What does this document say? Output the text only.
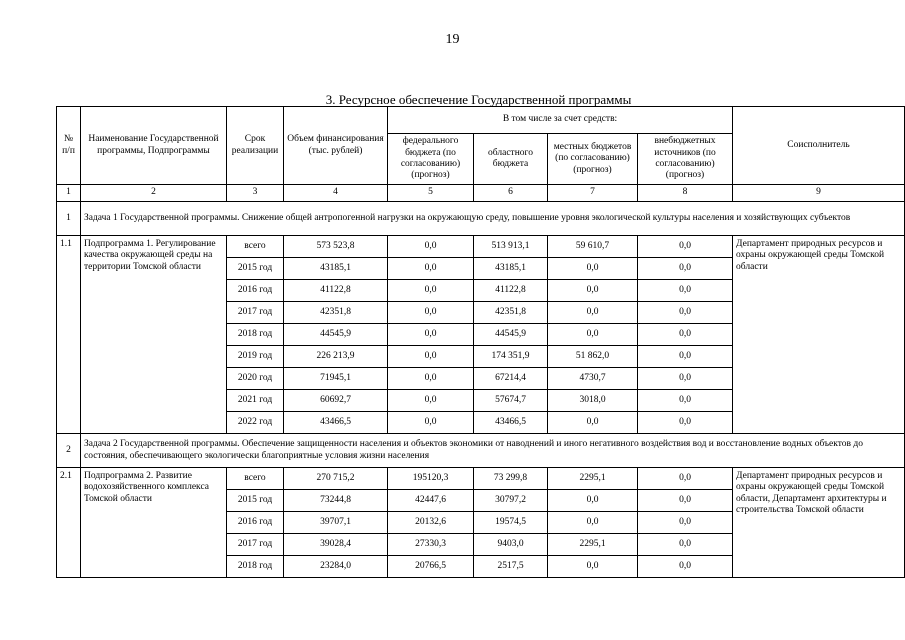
19
3. Ресурсное обеспечение Государственной программы
№ п/п	Наименование Государственной программы, Подпрограммы	Срок реализации	Объем финансирования (тыс. рублей)	В том числе за счет средств:				Соисполнитель
				федерального бюджета (по согласованию) (прогноз)	областного бюджета	местных бюджетов (по согласованию) (прогноз)	внебюджетных источников (по согласованию) (прогноз)	
1	2	3	4	5	6	7	8	9
1	Задача 1 Государственной программы. Снижение общей антропогенной нагрузки на окружающую среду, повышение уровня экологической культуры населения и хозяйствующих субъектов							
1.1	Подпрограмма 1. Регулирование качества окружающей среды на территории Томской области	всего	573 523,8	0,0	513 913,1	59 610,7	0,0	Департамент природных ресурсов и охраны окружающей среды Томской области
		2015 год	43185,1	0,0	43185,1	0,0	0,0	
		2016 год	41122,8	0,0	41122,8	0,0	0,0	
		2017 год	42351,8	0,0	42351,8	0,0	0,0	
		2018 год	44545,9	0,0	44545,9	0,0	0,0	
		2019 год	226 213,9	0,0	174 351,9	51 862,0	0,0	
		2020 год	71945,1	0,0	67214,4	4730,7	0,0	
		2021 год	60692,7	0,0	57674,7	3018,0	0,0	
		2022 год	43466,5	0,0	43466,5	0,0	0,0	
2	Задача 2 Государственной программы. Обеспечение защищенности населения и объектов экономики от наводнений и иного негативного воздействия вод и восстановление водных объектов до состояния, обеспечивающего экологически благоприятные условия жизни населения							
2.1	Подпрограмма 2. Развитие водохозяйственного комплекса Томской области	всего	270 715,2	195120,3	73 299,8	2295,1	0,0	Департамент природных ресурсов и охраны окружающей среды Томской области, Департамент архитектуры и строительства Томской области
		2015 год	73244,8	42447,6	30797,2	0,0	0,0	
		2016 год	39707,1	20132,6	19574,5	0,0	0,0	
		2017 год	39028,4	27330,3	9403,0	2295,1	0,0	
		2018 год	23284,0	20766,5	2517,5	0,0	0,0	
